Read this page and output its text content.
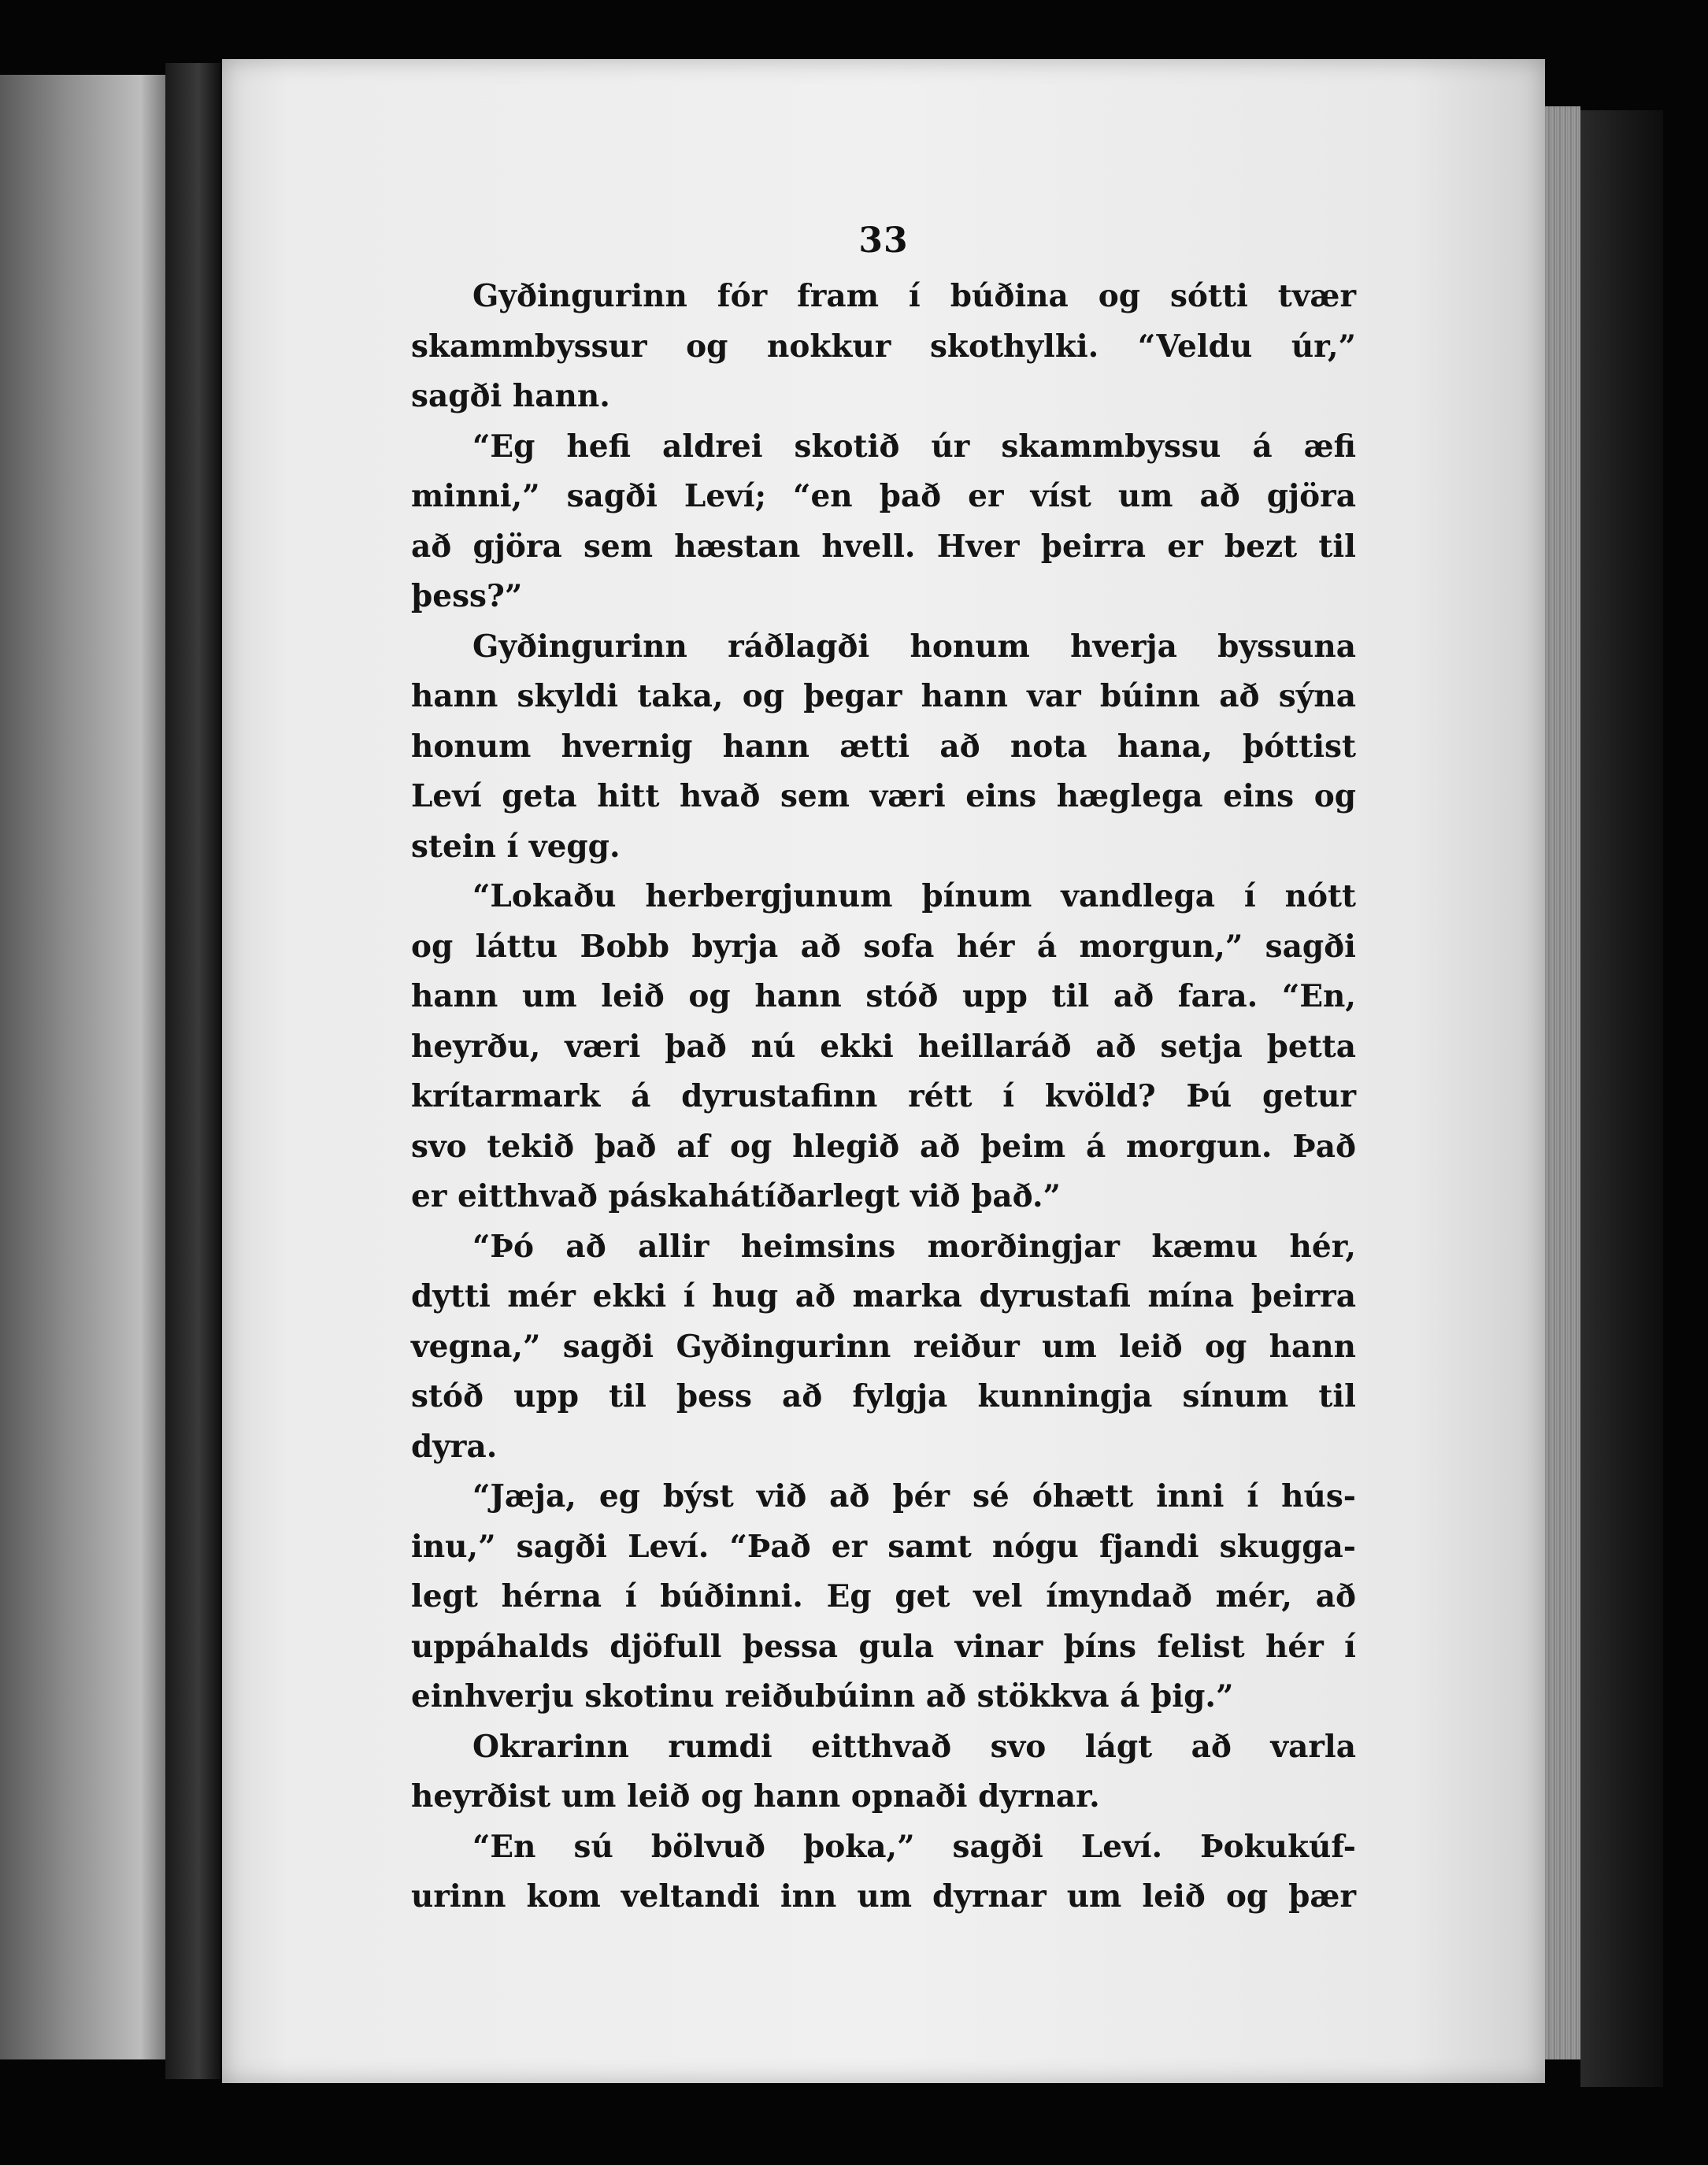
33
Gyðingurinn fór fram í búðina og sótti tvær
skammbyssur og nokkur skothylki. “Veldu úr,”
sagði hann.
“Eg hefi aldrei skotið úr skammbyssu á æfi
minni,” sagði Leví; “en það er víst um að gjöra
að gjöra sem hæstan hvell. Hver þeirra er bezt til
þess?”
Gyðingurinn ráðlagði honum hverja byssuna
hann skyldi taka, og þegar hann var búinn að sýna
honum hvernig hann ætti að nota hana, þóttist
Leví geta hitt hvað sem væri eins hæglega eins og
stein í vegg.
“Lokaðu herbergjunum þínum vandlega í nótt
og láttu Bobb byrja að sofa hér á morgun,” sagði
hann um leið og hann stóð upp til að fara. “En,
heyrðu, væri það nú ekki heillaráð að setja þetta
krítarmark á dyrustafinn rétt í kvöld? Þú getur
svo tekið það af og hlegið að þeim á morgun. Það
er eitthvað páskahátíðarlegt við það.”
“Þó að allir heimsins morðingjar kæmu hér,
dytti mér ekki í hug að marka dyrustafi mína þeirra
vegna,” sagði Gyðingurinn reiður um leið og hann
stóð upp til þess að fylgja kunningja sínum til
dyra.
“Jæja, eg býst við að þér sé óhætt inni í hús-
inu,” sagði Leví. “Það er samt nógu fjandi skugga-
legt hérna í búðinni. Eg get vel ímyndað mér, að
uppáhalds djöfull þessa gula vinar þíns felist hér í
einhverju skotinu reiðubúinn að stökkva á þig.”
Okrarinn rumdi eitthvað svo lágt að varla
heyrðist um leið og hann opnaði dyrnar.
“En sú bölvuð þoka,” sagði Leví. Þokukúf-
urinn kom veltandi inn um dyrnar um leið og þær
